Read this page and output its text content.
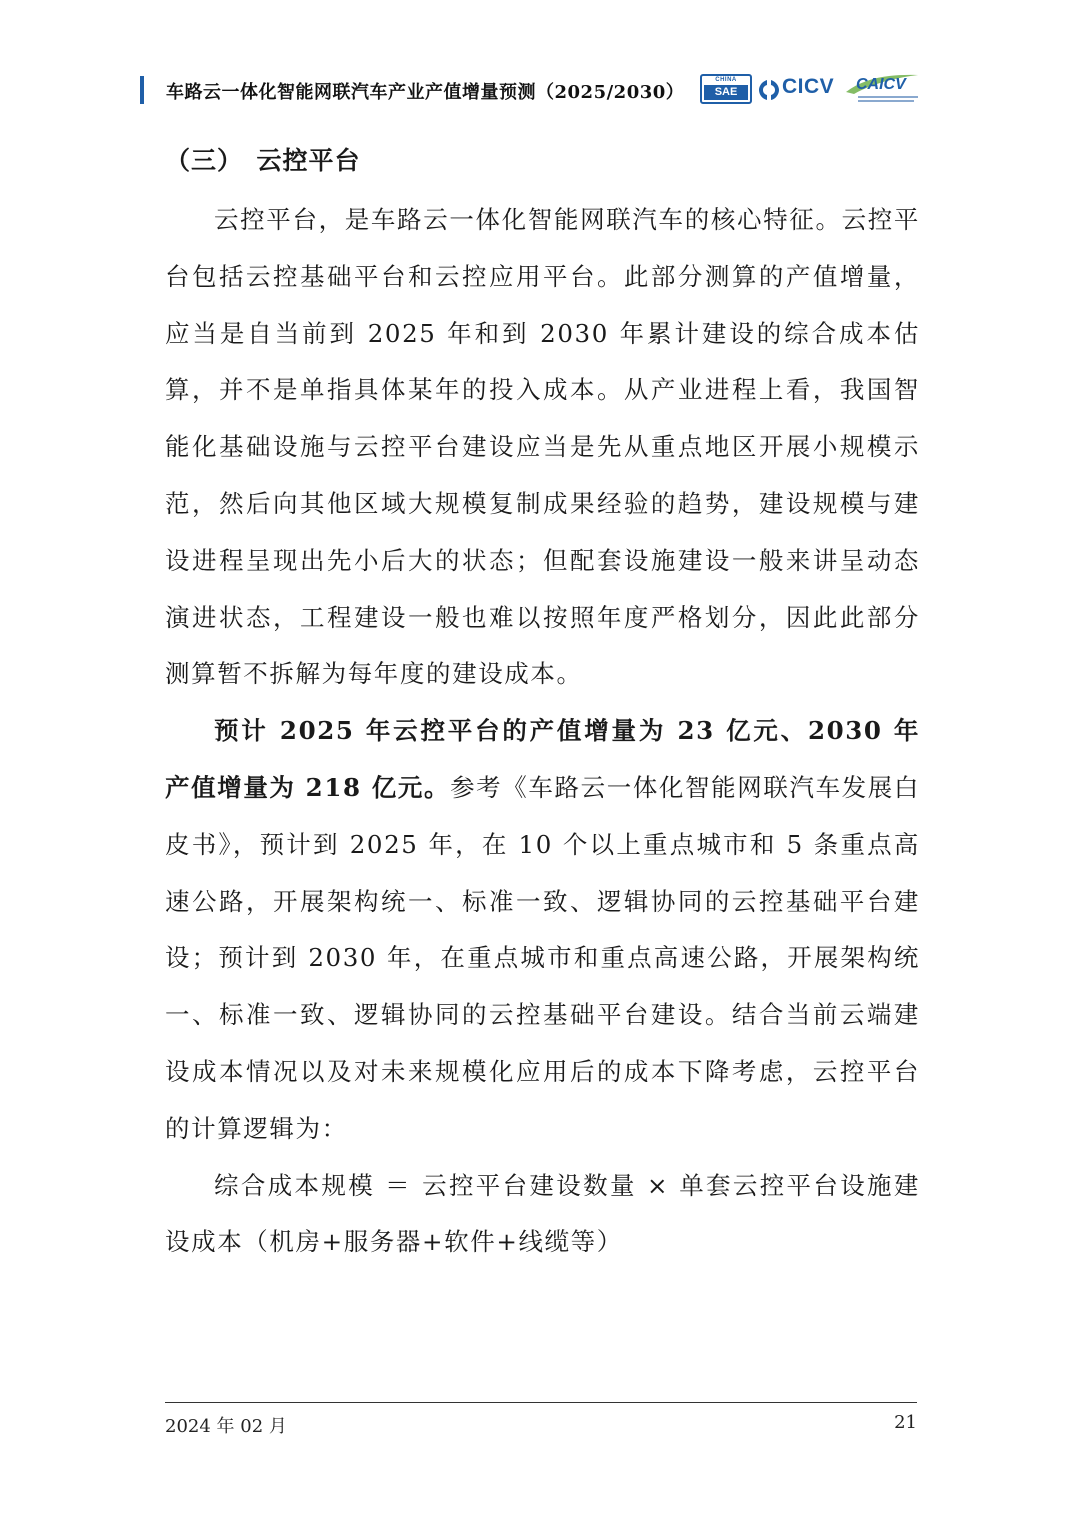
车路云一体化智能网联汽车产业产值增量预测（2025/2030）
CHINA
SAE	CICV CAICV
（三）　云控平台

云控平台，是车路云一体化智能网联汽车的核心特征。云控平台包括云控基础平台和云控应用平台。此部分测算的产值增量，应当是自当前到 2025 年和到 2030 年累计建设的综合成本估算，并不是单指具体某年的投入成本。从产业进程上看，我国智能化基础设施与云控平台建设应当是先从重点地区开展小规模示范，然后向其他区域大规模复制成果经验的趋势，建设规模与建设进程呈现出先小后大的状态；但配套设施建设一般来讲呈动态演进状态，工程建设一般也难以按照年度严格划分，因此此部分测算暂不拆解为每年度的建设成本。

预计 2025 年云控平台的产值增量为 23 亿元、2030 年产值增量为 218 亿元。参考《车路云一体化智能网联汽车发展白皮书》，预计到 2025 年，在 10 个以上重点城市和 5 条重点高速公路，开展架构统一、标准一致、逻辑协同的云控基础平台建设；预计到 2030 年，在重点城市和重点高速公路，开展架构统一、标准一致、逻辑协同的云控基础平台建设。结合当前云端建设成本情况以及对未来规模化应用后的成本下降考虑，云控平台的计算逻辑为：

综合成本规模 ＝ 云控平台建设数量 × 单套云控平台设施建设成本（机房+服务器+软件+线缆等）

2024 年 02 月	21
